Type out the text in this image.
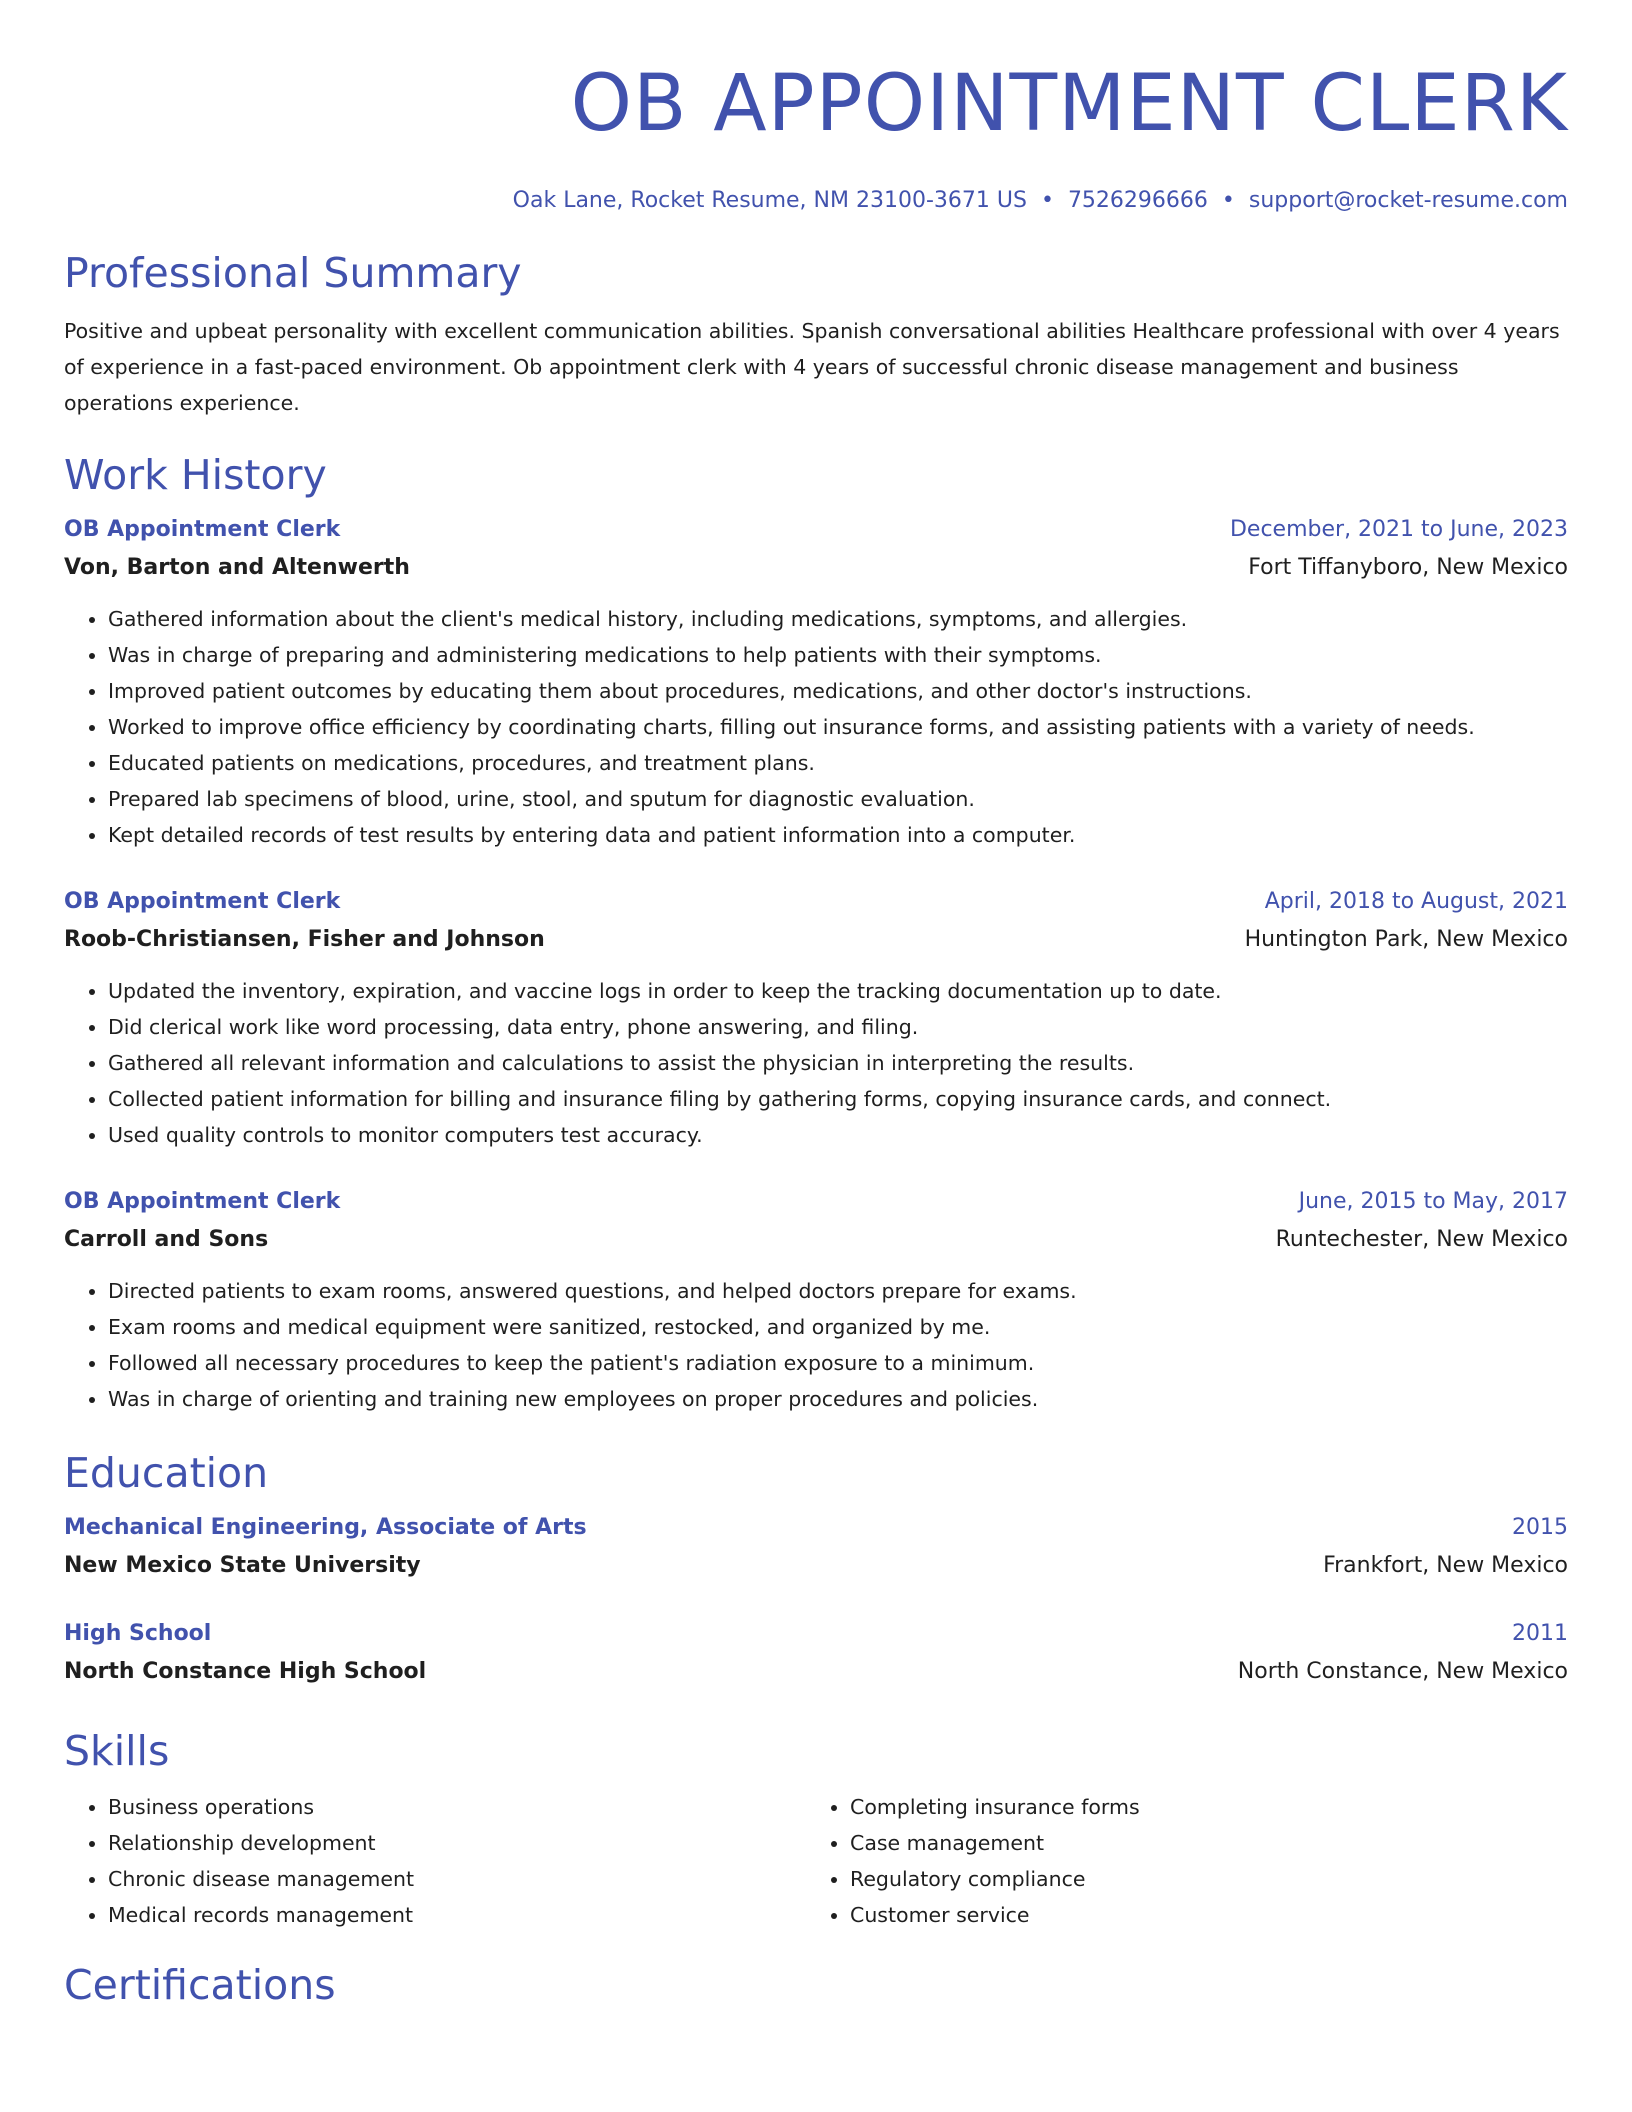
OB APPOINTMENT CLERK
Oak Lane, Rocket Resume, NM 23100-3671 US • 7526296666 • support@rocket-resume.com
Professional Summary
Positive and upbeat personality with excellent communication abilities. Spanish conversational abilities Healthcare professional with over 4 years of experience in a fast-paced environment. Ob appointment clerk with 4 years of successful chronic disease management and business operations experience.
Work History
OB Appointment Clerk	December, 2021 to June, 2023
Von, Barton and Altenwerth	Fort Tiffanyboro, New Mexico
• Gathered information about the client's medical history, including medications, symptoms, and allergies.
• Was in charge of preparing and administering medications to help patients with their symptoms.
• Improved patient outcomes by educating them about procedures, medications, and other doctor's instructions.
• Worked to improve office efficiency by coordinating charts, filling out insurance forms, and assisting patients with a variety of needs.
• Educated patients on medications, procedures, and treatment plans.
• Prepared lab specimens of blood, urine, stool, and sputum for diagnostic evaluation.
• Kept detailed records of test results by entering data and patient information into a computer.
OB Appointment Clerk	April, 2018 to August, 2021
Roob-Christiansen, Fisher and Johnson	Huntington Park, New Mexico
• Updated the inventory, expiration, and vaccine logs in order to keep the tracking documentation up to date.
• Did clerical work like word processing, data entry, phone answering, and filing.
• Gathered all relevant information and calculations to assist the physician in interpreting the results.
• Collected patient information for billing and insurance filing by gathering forms, copying insurance cards, and connect.
• Used quality controls to monitor computers test accuracy.
OB Appointment Clerk	June, 2015 to May, 2017
Carroll and Sons	Runtechester, New Mexico
• Directed patients to exam rooms, answered questions, and helped doctors prepare for exams.
• Exam rooms and medical equipment were sanitized, restocked, and organized by me.
• Followed all necessary procedures to keep the patient's radiation exposure to a minimum.
• Was in charge of orienting and training new employees on proper procedures and policies.
Education
Mechanical Engineering, Associate of Arts	2015
New Mexico State University	Frankfort, New Mexico
High School	2011
North Constance High School	North Constance, New Mexico
Skills
• Business operations
• Relationship development
• Chronic disease management
• Medical records management
• Completing insurance forms
• Case management
• Regulatory compliance
• Customer service
Certifications
